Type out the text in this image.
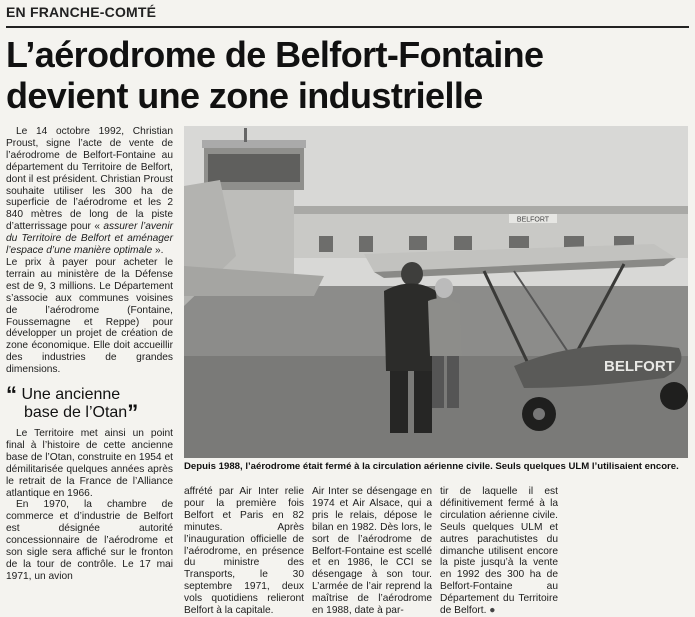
EN FRANCHE-COMTÉ
L’aérodrome de Belfort-Fontaine
devient une zone industrielle

Le 14 octobre 1992, Christian Proust, signe l’acte de vente de l’aérodrome de Belfort-Fontaine au département du Territoire de Belfort, dont il est président. Christian Proust souhaite utiliser les 300 ha de superficie de l’aérodrome et les 2 840 mètres de long de la piste d’atterrissage pour « assurer l’avenir du Territoire de Belfort et aménager l’espace d’une manière optimale ».

Le prix à payer pour acheter le terrain au ministère de la Défense est de 9, 3 millions. Le Département s’associe aux communes voisines de l’aérodrome (Fontaine, Foussemagne et Reppe) pour développer un projet de création de zone économique. Elle doit accueillir des industries de grandes dimensions.

“ Une ancienne
base de l’Otan”

Le Territoire met ainsi un point final à l’histoire de cette ancienne base de l’Otan, construite en 1954 et démilitarisée quelques années après le retrait de la France de l’Alliance atlantique en 1966.

En 1970, la chambre de commerce et d’industrie de Belfort est désignée autorité concessionnaire de l’aérodrome et son sigle sera affiché sur le fronton de la tour de contrôle. Le 17 mai 1971, un avion

BELFORT
BELFORT
Depuis 1988, l’aérodrome était fermé à la circulation aérienne civile. Seuls quelques ULM l’utilisaient encore.

affrété par Air Inter relie pour la première fois Belfort et Paris en 82 minutes. Après l’inauguration officielle de l’aérodrome, en présence du ministre des Transports, le 30 septembre 1971, deux vols quotidiens relieront Belfort à la capitale.

Air Inter se désengage en 1974 et Air Alsace, qui a pris le relais, dépose le bilan en 1982. Dès lors, le sort de l’aérodrome de Belfort-Fontaine est scellé et en 1986, le CCI se désengage à son tour. L’armée de l’air reprend la maîtrise de l’aérodrome en 1988, date à par-

tir de laquelle il est définitivement fermé à la circulation aérienne civile. Seuls quelques ULM et autres parachutistes du dimanche utilisent encore la piste jusqu’à la vente en 1992 des 300 ha de Belfort-Fontaine au Département du Territoire de Belfort. ●
